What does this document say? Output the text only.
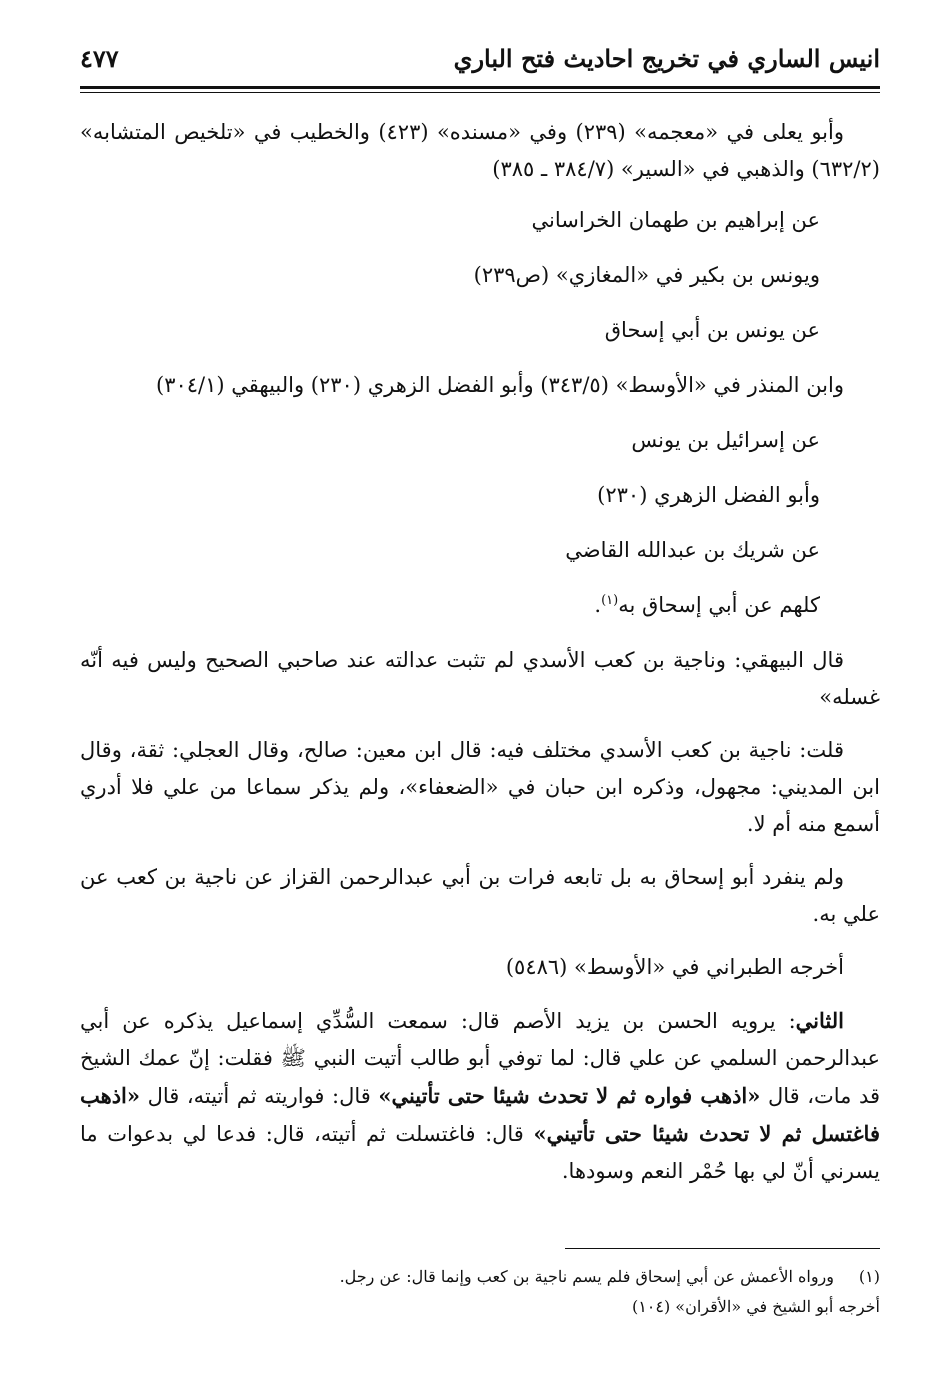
انيس الساري في تخريج احاديث فتح الباري
٤٧٧

وأبو يعلى في «معجمه» (٢٣٩) وفي «مسنده» (٤٢٣) والخطيب في «تلخيص المتشابه» (٦٣٢/٢) والذهبي في «السير» (٣٨٤/٧ ـ ٣٨٥)

عن إبراهيم بن طهمان الخراساني

ويونس بن بكير في «المغازي» (ص٢٣٩)

عن يونس بن أبي إسحاق

وابن المنذر في «الأوسط» (٣٤٣/٥) وأبو الفضل الزهري (٢٣٠) والبيهقي (٣٠٤/١)

عن إسرائيل بن يونس

وأبو الفضل الزهري (٢٣٠)

عن شريك بن عبدالله القاضي

كلهم عن أبي إسحاق به$^{(١)}$.

قال البيهقي: وناجية بن كعب الأسدي لم تثبت عدالته عند صاحبي الصحيح وليس فيه أنّه غسله»

قلت: ناجية بن كعب الأسدي مختلف فيه: قال ابن معين: صالح، وقال العجلي: ثقة، وقال ابن المديني: مجهول، وذكره ابن حبان في «الضعفاء»، ولم يذكر سماعا من علي فلا أدري أسمع منه أم لا.

ولم ينفرد أبو إسحاق به بل تابعه فرات بن أبي عبدالرحمن القزاز عن ناجية بن كعب عن علي به.

أخرجه الطبراني في «الأوسط» (٥٤٨٦)

الثاني: يرويه الحسن بن يزيد الأصم قال: سمعت السُّدِّي إسماعيل يذكره عن أبي عبدالرحمن السلمي عن علي قال: لما توفي أبو طالب أتيت النبي ﷺ فقلت: إنّ عمك الشيخ قد مات، قال «اذهب فواره ثم لا تحدث شيئا حتى تأتيني» قال: فواريته ثم أتيته، قال «اذهب فاغتسل ثم لا تحدث شيئا حتى تأتيني» قال: فاغتسلت ثم أتيته، قال: فدعا لي بدعوات ما يسرني أنّ لي بها حُمْر النعم وسودها.

(١)ورواه الأعمش عن أبي إسحاق فلم يسم ناجية بن كعب وإنما قال: عن رجل.

أخرجه أبو الشيخ في «الأقران» (١٠٤)
